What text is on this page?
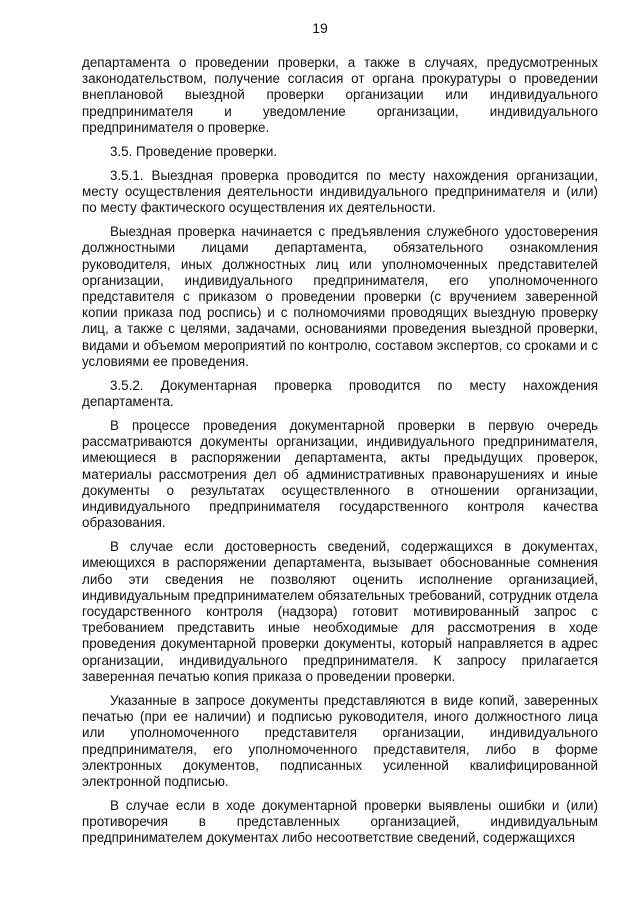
19

департамента о проведении проверки, а также в случаях, предусмотренных законодательством, получение согласия от органа прокуратуры о проведении внеплановой выездной проверки организации или индивидуального предпринимателя и уведомление организации, индивидуального предпринимателя о проверке.

3.5. Проведение проверки.

3.5.1. Выездная проверка проводится по месту нахождения организации, месту осуществления деятельности индивидуального предпринимателя и (или) по месту фактического осуществления их деятельности.

Выездная проверка начинается с предъявления служебного удостоверения должностными лицами департамента, обязательного ознакомления руководителя, иных должностных лиц или уполномоченных представителей организации, индивидуального предпринимателя, его уполномоченного представителя с приказом о проведении проверки (с вручением заверенной копии приказа под роспись) и с полномочиями проводящих выездную проверку лиц, а также с целями, задачами, основаниями проведения выездной проверки, видами и объемом мероприятий по контролю, составом экспертов, со сроками и с условиями ее проведения.

3.5.2. Документарная проверка проводится по месту нахождения департамента.

В процессе проведения документарной проверки в первую очередь рассматриваются документы организации, индивидуального предпринимателя, имеющиеся в распоряжении департамента, акты предыдущих проверок, материалы рассмотрения дел об административных правонарушениях и иные документы о результатах осуществленного в отношении организации, индивидуального предпринимателя государственного контроля качества образования.

В случае если достоверность сведений, содержащихся в документах, имеющихся в распоряжении департамента, вызывает обоснованные сомнения либо эти сведения не позволяют оценить исполнение организацией, индивидуальным предпринимателем обязательных требований, сотрудник отдела государственного контроля (надзора) готовит мотивированный запрос с требованием представить иные необходимые для рассмотрения в ходе проведения документарной проверки документы, который направляется в адрес организации, индивидуального предпринимателя. К запросу прилагается заверенная печатью копия приказа о проведении проверки.

Указанные в запросе документы представляются в виде копий, заверенных печатью (при ее наличии) и подписью руководителя, иного должностного лица или уполномоченного представителя организации, индивидуального предпринимателя, его уполномоченного представителя, либо в форме электронных документов, подписанных усиленной квалифицированной электронной подписью.

В случае если в ходе документарной проверки выявлены ошибки и (или) противоречия в представленных организацией, индивидуальным предпринимателем документах либо несоответствие сведений, содержащихся
